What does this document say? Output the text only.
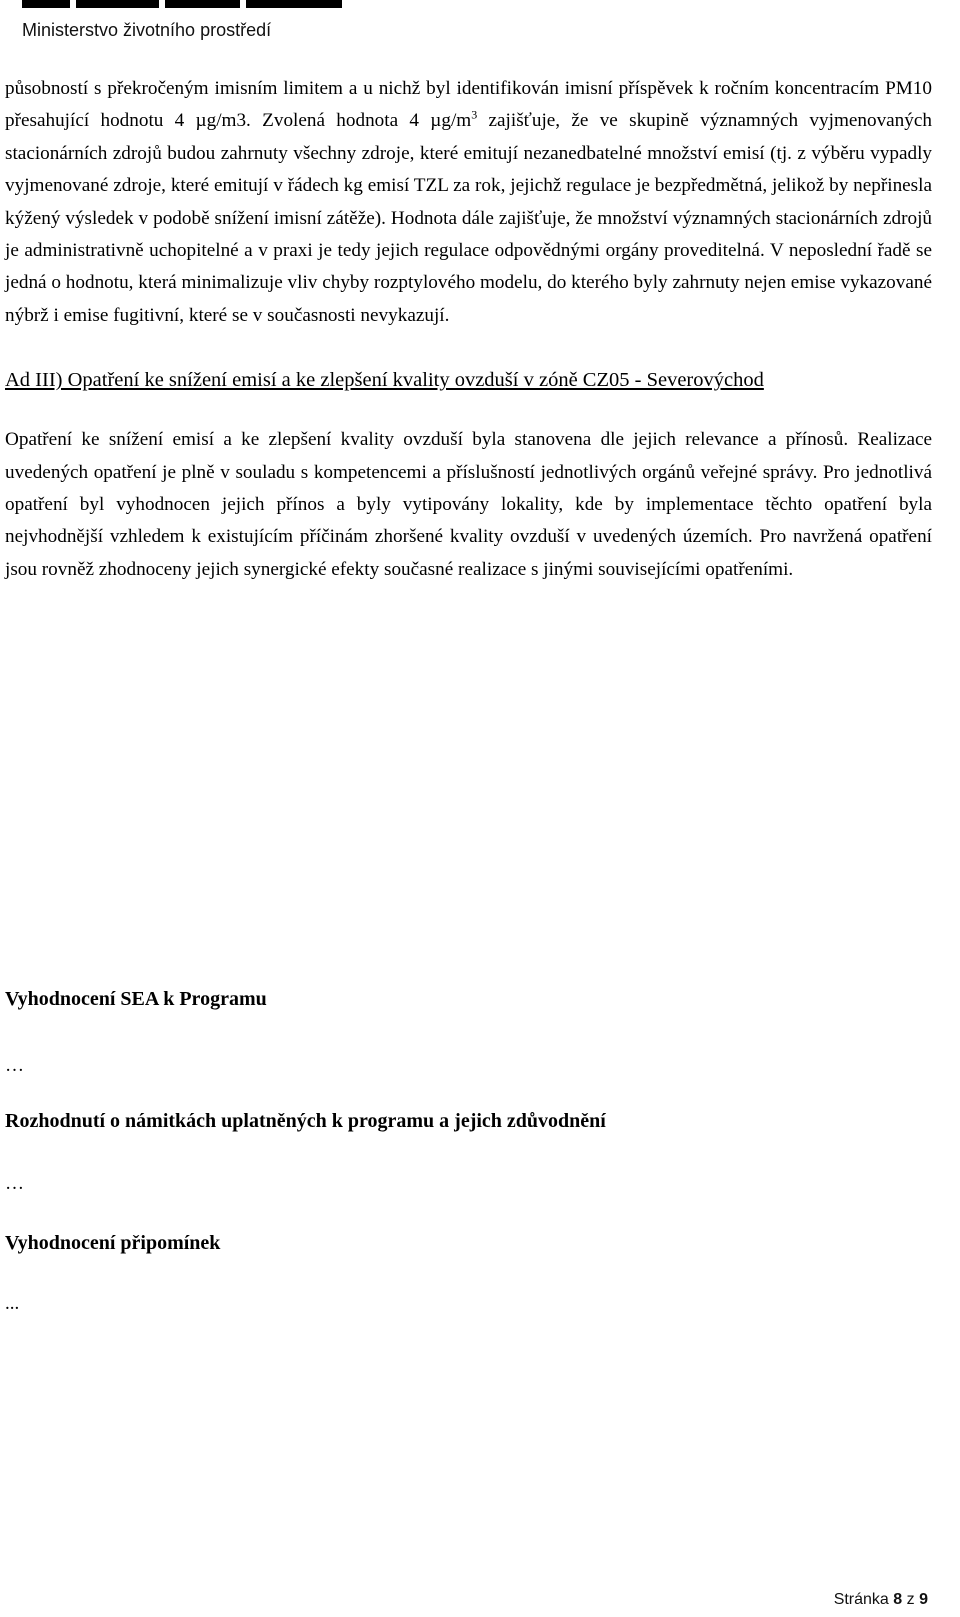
Ministerstvo životního prostředí

působností s překročeným imisním limitem a u nichž byl identifikován imisní příspěvek k ročním koncentracím PM10 přesahující hodnotu 4 µg/m3. Zvolená hodnota 4 $\mu g/m^3$ zajišťuje, že ve skupině významných vyjmenovaných stacionárních zdrojů budou zahrnuty všechny zdroje, které emitují nezanedbatelné množství emisí (tj. z výběru vypadly vyjmenované zdroje, které emitují v řádech kg emisí TZL za rok, jejichž regulace je bezpředmětná, jelikož by nepřinesla kýžený výsledek v podobě snížení imisní zátěže). Hodnota dále zajišťuje, že množství významných stacionárních zdrojů je administrativně uchopitelné a v praxi je tedy jejich regulace odpovědnými orgány proveditelná. V neposlední řadě se jedná o hodnotu, která minimalizuje vliv chyby rozptylového modelu, do kterého byly zahrnuty nejen emise vykazované nýbrž i emise fugitivní, které se v současnosti nevykazují.

Ad III) Opatření ke snížení emisí a ke zlepšení kvality ovzduší v zóně CZ05 - Severovýchod

Opatření ke snížení emisí a ke zlepšení kvality ovzduší byla stanovena dle jejich relevance a přínosů. Realizace uvedených opatření je plně v souladu s kompetencemi a příslušností jednotlivých orgánů veřejné správy. Pro jednotlivá opatření byl vyhodnocen jejich přínos a byly vytipovány lokality, kde by implementace těchto opatření byla nejvhodnější vzhledem k existujícím příčinám zhoršené kvality ovzduší v uvedených územích. Pro navržená opatření jsou rovněž zhodnoceny jejich synergické efekty současné realizace s jinými souvisejícími opatřeními.

Vyhodnocení SEA k Programu

…

Rozhodnutí o námitkách uplatněných k programu a jejich zdůvodnění

…

Vyhodnocení připomínek

...

Stránka 8 z 9
